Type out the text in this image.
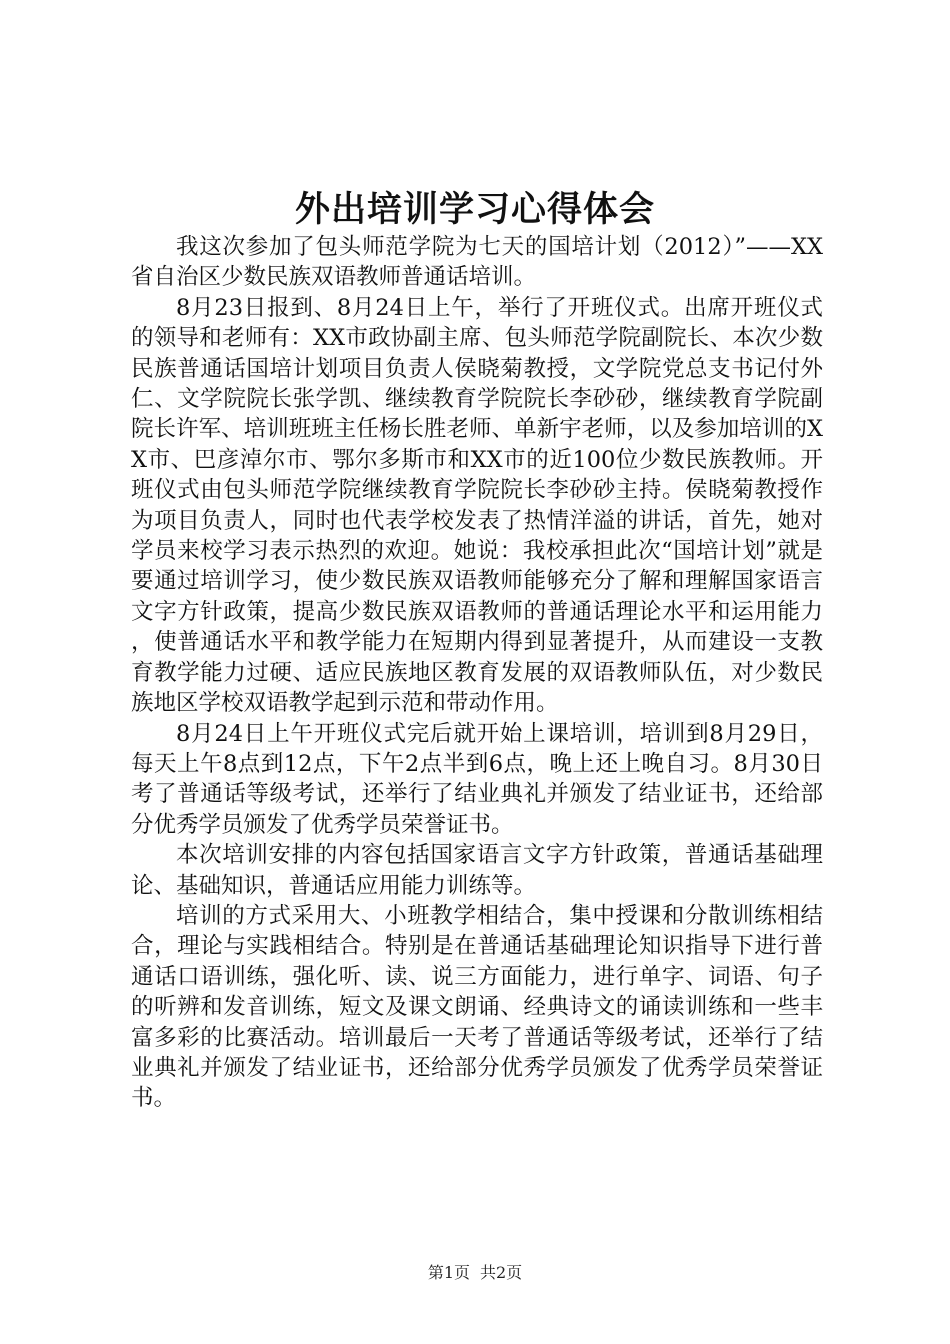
外出培训学习心得体会

我这次参加了包头师范学院为七天的国培计划（2012）”——XX省自治区少数民族双语教师普通话培训。

8月23日报到、8月24日上午，举行了开班仪式。出席开班仪式的领导和老师有：XX市政协副主席、包头师范学院副院长、本次少数民族普通话国培计划项目负责人侯晓菊教授，文学院党总支书记付外仁、文学院院长张学凯、继续教育学院院长李砂砂，继续教育学院副院长许军、培训班班主任杨长胜老师、单新宇老师，以及参加培训的XX市、巴彦淖尔市、鄂尔多斯市和XX市的近100位少数民族教师。开班仪式由包头师范学院继续教育学院院长李砂砂主持。侯晓菊教授作为项目负责人，同时也代表学校发表了热情洋溢的讲话，首先，她对学员来校学习表示热烈的欢迎。她说：我校承担此次“国培计划”就是要通过培训学习，使少数民族双语教师能够充分了解和理解国家语言文字方针政策，提高少数民族双语教师的普通话理论水平和运用能力，使普通话水平和教学能力在短期内得到显著提升，从而建设一支教育教学能力过硬、适应民族地区教育发展的双语教师队伍，对少数民族地区学校双语教学起到示范和带动作用。

8月24日上午开班仪式完后就开始上课培训，培训到8月29日，每天上午8点到12点，下午2点半到6点，晚上还上晚自习。8月30日考了普通话等级考试，还举行了结业典礼并颁发了结业证书，还给部分优秀学员颁发了优秀学员荣誉证书。

本次培训安排的内容包括国家语言文字方针政策，普通话基础理论、基础知识，普通话应用能力训练等。

培训的方式采用大、小班教学相结合，集中授课和分散训练相结合，理论与实践相结合。特别是在普通话基础理论知识指导下进行普通话口语训练，强化听、读、说三方面能力，进行单字、词语、句子的听辨和发音训练，短文及课文朗诵、经典诗文的诵读训练和一些丰富多彩的比赛活动。培训最后一天考了普通话等级考试，还举行了结业典礼并颁发了结业证书，还给部分优秀学员颁发了优秀学员荣誉证书。

第1页 共2页
